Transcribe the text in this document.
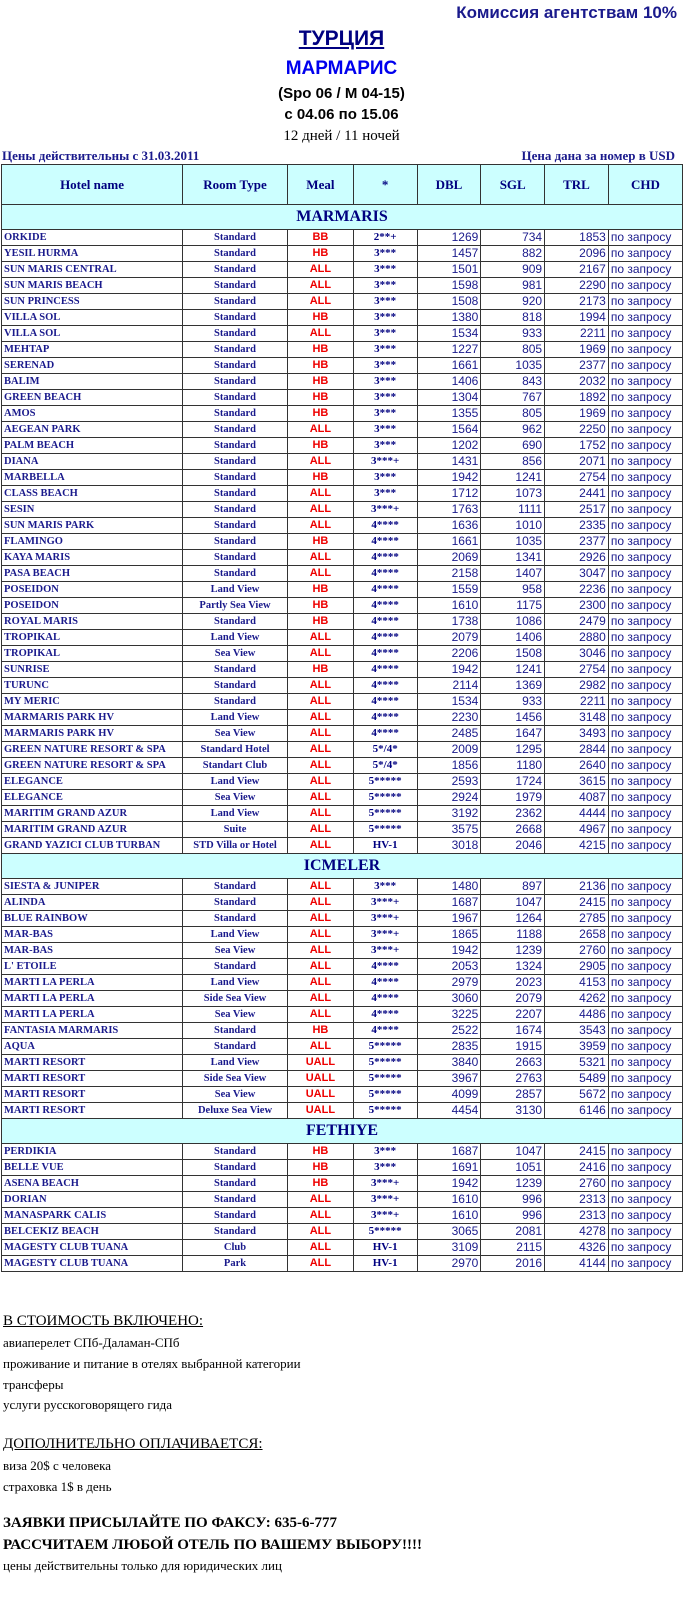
Комиссия агентствам 10%
ТУРЦИЯ
МАРМАРИС
(Spo 06 / M 04-15)
с 04.06 по 15.06
12 дней / 11 ночей
Цены действительны с 31.03.2011	Цена дана за номер в USD
Hotel name	Room Type	Meal	*	DBL	SGL	TRL	CHD
MARMARIS							
ORKIDE	Standard	BB	2**+	1269	734	1853	по запросу
YESIL HURMA	Standard	HB	3***	1457	882	2096	по запросу
SUN MARIS CENTRAL	Standard	ALL	3***	1501	909	2167	по запросу
SUN MARIS BEACH	Standard	ALL	3***	1598	981	2290	по запросу
SUN PRINCESS	Standard	ALL	3***	1508	920	2173	по запросу
VILLA SOL	Standard	HB	3***	1380	818	1994	по запросу
VILLA SOL	Standard	ALL	3***	1534	933	2211	по запросу
MEHTAP	Standard	HB	3***	1227	805	1969	по запросу
SERENAD	Standard	HB	3***	1661	1035	2377	по запросу
BALIM	Standard	HB	3***	1406	843	2032	по запросу
GREEN BEACH	Standard	HB	3***	1304	767	1892	по запросу
AMOS	Standard	HB	3***	1355	805	1969	по запросу
AEGEAN PARK	Standard	ALL	3***	1564	962	2250	по запросу
PALM BEACH	Standard	HB	3***	1202	690	1752	по запросу
DIANA	Standard	ALL	3***+	1431	856	2071	по запросу
MARBELLA	Standard	HB	3***	1942	1241	2754	по запросу
CLASS BEACH	Standard	ALL	3***	1712	1073	2441	по запросу
SESIN	Standard	ALL	3***+	1763	1111	2517	по запросу
SUN MARIS PARK	Standard	ALL	4****	1636	1010	2335	по запросу
FLAMINGO	Standard	HB	4****	1661	1035	2377	по запросу
KAYA MARIS	Standard	ALL	4****	2069	1341	2926	по запросу
PASA BEACH	Standard	ALL	4****	2158	1407	3047	по запросу
POSEIDON	Land View	HB	4****	1559	958	2236	по запросу
POSEIDON	Partly Sea View	HB	4****	1610	1175	2300	по запросу
ROYAL MARIS	Standard	HB	4****	1738	1086	2479	по запросу
TROPIKAL	Land View	ALL	4****	2079	1406	2880	по запросу
TROPIKAL	Sea View	ALL	4****	2206	1508	3046	по запросу
SUNRISE	Standard	HB	4****	1942	1241	2754	по запросу
TURUNC	Standard	ALL	4****	2114	1369	2982	по запросу
MY MERIC	Standard	ALL	4****	1534	933	2211	по запросу
MARMARIS PARK HV	Land View	ALL	4****	2230	1456	3148	по запросу
MARMARIS PARK HV	Sea View	ALL	4****	2485	1647	3493	по запросу
GREEN NATURE RESORT & SPA	Standard Hotel	ALL	5*/4*	2009	1295	2844	по запросу
GREEN NATURE RESORT & SPA	Standart Club	ALL	5*/4*	1856	1180	2640	по запросу
ELEGANCE	Land View	ALL	5*****	2593	1724	3615	по запросу
ELEGANCE	Sea View	ALL	5*****	2924	1979	4087	по запросу
MARITIM GRAND AZUR	Land View	ALL	5*****	3192	2362	4444	по запросу
MARITIM GRAND AZUR	Suite	ALL	5*****	3575	2668	4967	по запросу
GRAND YAZICI CLUB TURBAN	STD Villa or Hotel	ALL	HV-1	3018	2046	4215	по запросу
ICMELER							
SIESTA & JUNIPER	Standard	ALL	3***	1480	897	2136	по запросу
ALINDA	Standard	ALL	3***+	1687	1047	2415	по запросу
BLUE RAINBOW	Standard	ALL	3***+	1967	1264	2785	по запросу
MAR-BAS	Land View	ALL	3***+	1865	1188	2658	по запросу
MAR-BAS	Sea View	ALL	3***+	1942	1239	2760	по запросу
L' ETOILE	Standard	ALL	4****	2053	1324	2905	по запросу
MARTI LA PERLA	Land View	ALL	4****	2979	2023	4153	по запросу
MARTI LA PERLA	Side Sea View	ALL	4****	3060	2079	4262	по запросу
MARTI LA PERLA	Sea View	ALL	4****	3225	2207	4486	по запросу
FANTASIA MARMARIS	Standard	HB	4****	2522	1674	3543	по запросу
AQUA	Standard	ALL	5*****	2835	1915	3959	по запросу
MARTI RESORT	Land View	UALL	5*****	3840	2663	5321	по запросу
MARTI RESORT	Side Sea View	UALL	5*****	3967	2763	5489	по запросу
MARTI RESORT	Sea View	UALL	5*****	4099	2857	5672	по запросу
MARTI RESORT	Deluxe Sea View	UALL	5*****	4454	3130	6146	по запросу
FETHIYE							
PERDIKIA	Standard	HB	3***	1687	1047	2415	по запросу
BELLE VUE	Standard	HB	3***	1691	1051	2416	по запросу
ASENA BEACH	Standard	HB	3***+	1942	1239	2760	по запросу
DORIAN	Standard	ALL	3***+	1610	996	2313	по запросу
MANASPARK CALIS	Standard	ALL	3***+	1610	996	2313	по запросу
BELCEKIZ BEACH	Standard	ALL	5*****	3065	2081	4278	по запросу
MAGESTY CLUB TUANA	Club	ALL	HV-1	3109	2115	4326	по запросу
MAGESTY CLUB TUANA	Park	ALL	HV-1	2970	2016	4144	по запросу
В СТОИМОСТЬ ВКЛЮЧЕНО:
авиаперелет СПб-Даламан-СПб
проживание и питание в отелях выбранной категории
трансферы
услуги русскоговорящего гида
ДОПОЛНИТЕЛЬНО ОПЛАЧИВАЕТСЯ:
виза 20$ с человека
страховка 1$ в день
ЗАЯВКИ ПРИСЫЛАЙТЕ ПО ФАКСУ: 635-6-777
РАССЧИТАЕМ ЛЮБОЙ ОТЕЛЬ ПО ВАШЕМУ ВЫБОРУ!!!!
цены действительны только для юридических лиц
